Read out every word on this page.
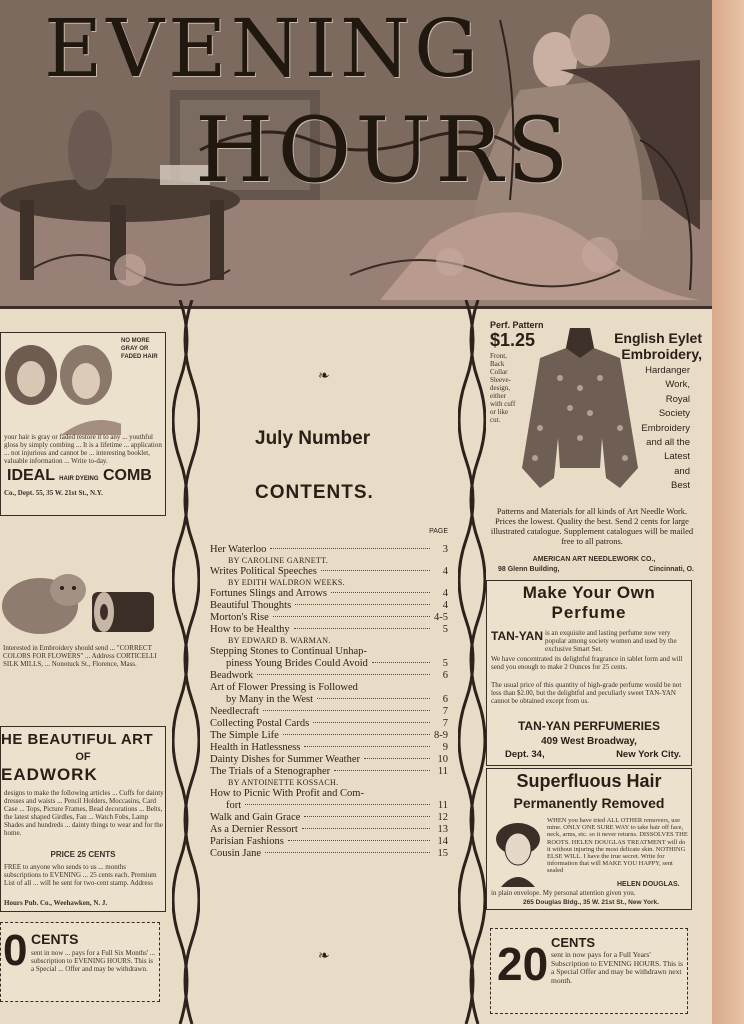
EVENING
HOURS
NO MORE GRAY OR FADED HAIR
your hair is gray or faded restore it to any ... youthful gloss by simply combing ... It is a lifetime ... application ... not injurious and cannot be ... interesting booklet, valuable information ... Write to-day.
IDEAL HAIR DYEING COMB
Co., Dept. 55, 35 W. 21st St., N.Y.
Interested in Embroidery should send ... "CORRECT COLORS FOR FLOWERS" ... Address CORTICELLI SILK MILLS, ... Nonotuck St., Florence, Mass.
HE BEAUTIFUL ART
OF
EADWORK
designs to make the following articles ... Cuffs for dainty dresses and waists ... Pencil Holders, Moccasins, Card Case ... Tops, Picture Frames, Bead decorations ... Belts, the latest shaped Girdles, Fan ... Watch Fobs, Lamp Shades and hundreds ... dainty things to wear and for the home.
PRICE 25 CENTS
FREE to anyone who sends to us ... months subscriptions to EVENING ... 25 cents each. Premium List of all ... will be sent for two-cent stamp. Address
Hours Pub. Co., Weehawken, N. J.
0 CENTS
sent in now ... pays for a Full Six Months' ... subscription to EVENING HOURS. This is a Special ... Offer and may be withdrawn.
❧
July Number
CONTENTS.
PAGE
Her Waterloo	3
BY CAROLINE GARNETT.
Writes Political Speeches	4
BY EDITH WALDRON WEEKS.
Fortunes Slings and Arrows	4
Beautiful Thoughts	4
Morton's Rise	4-5
How to be Healthy	5
BY EDWARD B. WARMAN.
Stepping Stones to Continual Unhap-
piness Young Brides Could Avoid	5
Beadwork	6
Art of Flower Pressing is Followed
by Many in the West	6
Needlecraft	7
Collecting Postal Cards	7
The Simple Life	8-9
Health in Hatlessness	9
Dainty Dishes for Summer Weather	10
The Trials of a Stenographer	11
BY ANTOINETTE KOSSACH.
How to Picnic With Profit and Com-
fort	11
Walk and Gain Grace	12
As a Dernier Ressort	13
Parisian Fashions	14
Cousin Jane	15
❧
Perf. Pattern
$1.25
Front, Back Collar Sleeve-design, either with cuff or like cut.
English Eylet
Embroidery,
Hardanger
Work,
Royal
Society
Embroidery
and all the
Latest
and
Best
Patterns and Materials for all kinds of Art Needle Work. Prices the lowest. Quality the best. Send 2 cents for large illustrated catalogue. Supplement catalogues will be mailed free to all patrons.
AMERICAN ART NEEDLEWORK CO.,
98 Glenn Building,	Cincinnati, O.
Make Your Own
Perfume
TAN-YAN is an exquisite and lasting perfume now very popular among society women and used by the exclusive Smart Set.
We have concentrated its delightful fragrance in tablet form and will send you enough to make 2 Ounces for 25 cents.
The usual price of this quantity of high-grade perfume would be not less than $2.00, but the delightful and peculiarly sweet TAN-YAN cannot be obtained except from us.
TAN-YAN PERFUMERIES
409 West Broadway,
Dept. 34,	New York City.
Superfluous Hair
Permanently Removed
WHEN you have tried ALL OTHER removers, use mine. ONLY ONE SURE WAY to take hair off face, neck, arms, etc. so it never returns. DISSOLVES THE ROOTS. HELEN DOUGLAS TREATMENT will do it without injuring the most delicate skin. NOTHING ELSE WILL. I have the true secret. Write for information that will MAKE YOU HAPPY, sent sealed
in plain envelope. My personal attention given you.
HELEN DOUGLAS.
265 Douglas Bldg., 35 W. 21st St., New York.
20 CENTS
sent in now pays for a Full Years' Subscription to EVENING HOURS. This is a Special Offer and may be withdrawn next month.
